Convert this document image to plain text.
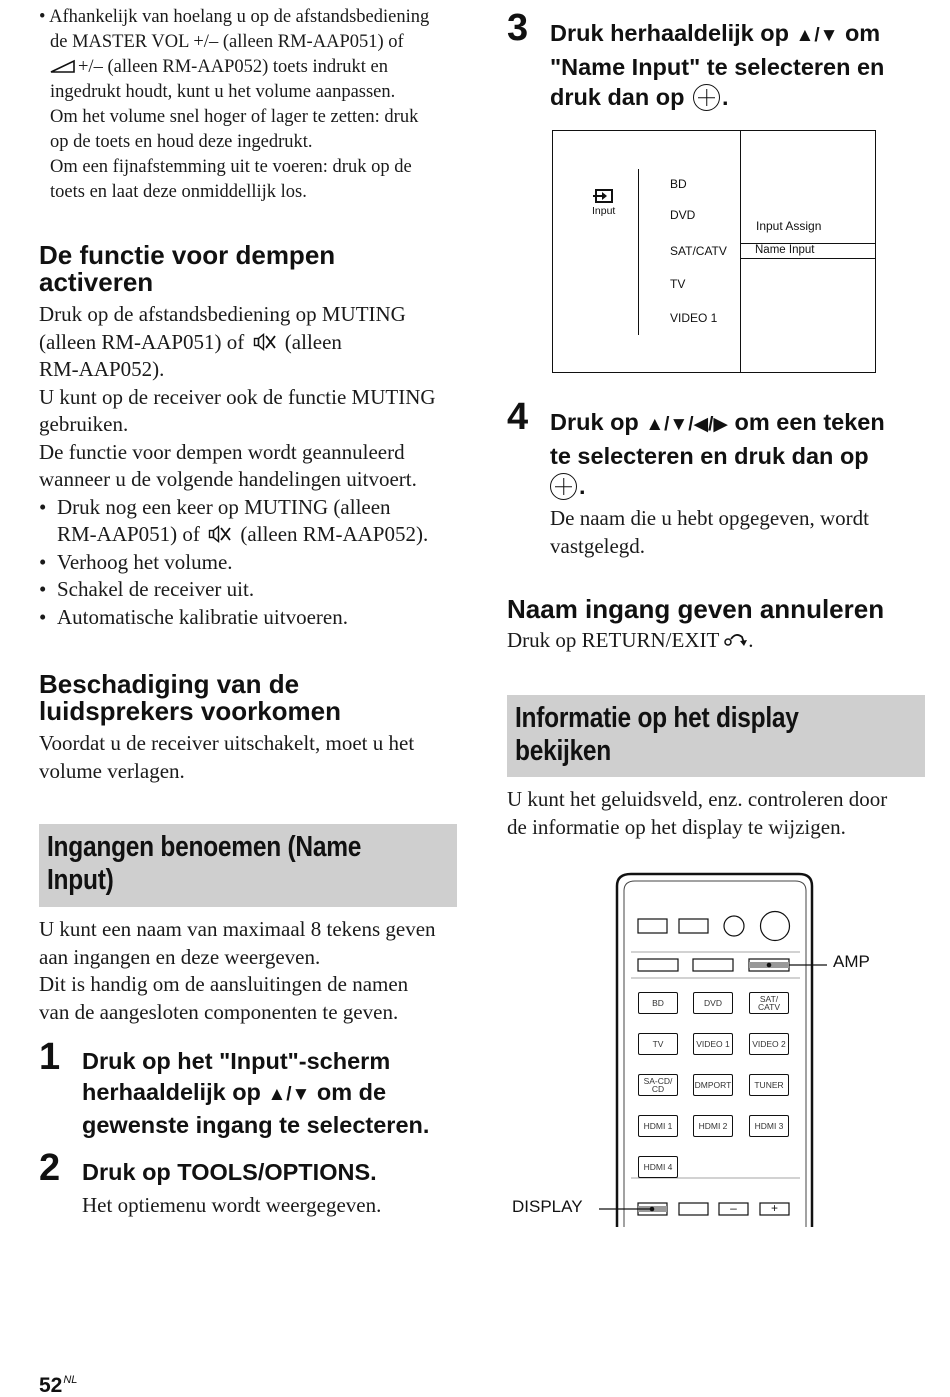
• Afhankelijk van hoelang u op de afstandsbediening
de MASTER VOL +/– (alleen RM-AAP051) of
+/– (alleen RM-AAP052) toets indrukt en
ingedrukt houdt, kunt u het volume aanpassen.
Om het volume snel hoger of lager te zetten: druk
op de toets en houd deze ingedrukt.
Om een fijnafstemming uit te voeren: druk op de
toets en laat deze onmiddellijk los.
De functie voor dempen
activeren
Druk op de afstandsbediening op MUTING
(alleen RM-AAP051) of (alleen
RM-AAP052).
U kunt op de receiver ook de functie MUTING
gebruiken.
De functie voor dempen wordt geannuleerd
wanneer u de volgende handelingen uitvoert.
• Druk nog een keer op MUTING (alleen
RM-AAP051) of (alleen RM-AAP052).
• Verhoog het volume.
• Schakel de receiver uit.
• Automatische kalibratie uitvoeren.
Beschadiging van de
luidsprekers voorkomen
Voordat u de receiver uitschakelt, moet u het
volume verlagen.
Ingangen benoemen (Name
Input)
U kunt een naam van maximaal 8 tekens geven
aan ingangen en deze weergeven.
Dit is handig om de aansluitingen de namen
van de aangesloten componenten te geven.
1 Druk op het "Input"-scherm
herhaaldelijk op ▲/▼ om de
gewenste ingang te selecteren.
2 Druk op TOOLS/OPTIONS.
Het optiemenu wordt weergegeven.
3 Druk herhaaldelijk op ▲/▼ om
"Name Input" te selecteren en
druk dan op .
Input
BD
DVD
SAT/CATV
TV
VIDEO 1
Input Assign
Name Input
4 Druk op ▲/▼/◀/▶ om een teken
te selecteren en druk dan op
.
De naam die u hebt opgegeven, wordt
vastgelegd.
Naam ingang geven annuleren
Druk op RETURN/EXIT .
Informatie op het display
bekijken
U kunt het geluidsveld, enz. controleren door
de informatie op het display te wijzigen.
BD	DVD	SAT/
CATV
TV	VIDEO 1	VIDEO 2
SA-CD/
CD	DMPORT	TUNER
HDMI 1	HDMI 2	HDMI 3
HDMI 4
–	+
AMP
DISPLAY
$52^{NL}$
